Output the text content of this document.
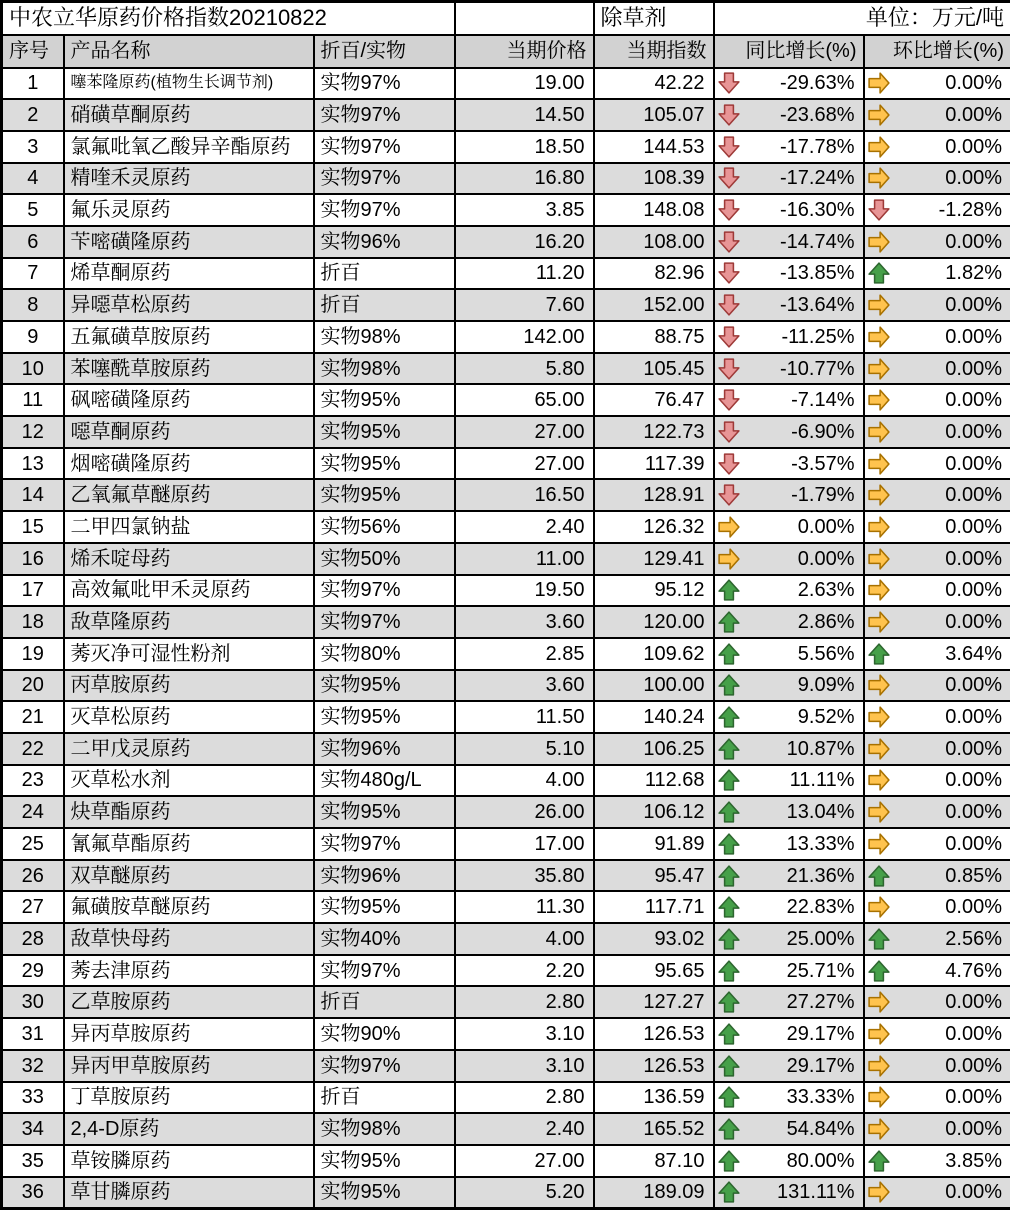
中农立华原药价格指数20210822				除草剂	单位：万元/吨	
序号	产品名称	折百/实物	当期价格	当期指数	同比增长(%)	环比增长(%)
1	噻苯隆原药(植物生长调节剂)	实物97%	19.00	42.22	-29.63%	0.00%

2	硝磺草酮原药	实物97%	14.50	105.07	-23.68%	0.00%

3	氯氟吡氧乙酸异辛酯原药	实物97%	18.50	144.53	-17.78%	0.00%

4	精喹禾灵原药	实物97%	16.80	108.39	-17.24%	0.00%

5	氟乐灵原药	实物97%	3.85	148.08	-16.30%	-1.28%

6	苄嘧磺隆原药	实物96%	16.20	108.00	-14.74%	0.00%

7	烯草酮原药	折百	11.20	82.96	-13.85%	1.82%

8	异噁草松原药	折百	7.60	152.00	-13.64%	0.00%

9	五氟磺草胺原药	实物98%	142.00	88.75	-11.25%	0.00%

10	苯噻酰草胺原药	实物98%	5.80	105.45	-10.77%	0.00%

11	砜嘧磺隆原药	实物95%	65.00	76.47	-7.14%	0.00%

12	噁草酮原药	实物95%	27.00	122.73	-6.90%	0.00%

13	烟嘧磺隆原药	实物95%	27.00	117.39	-3.57%	0.00%

14	乙氧氟草醚原药	实物95%	16.50	128.91	-1.79%	0.00%

15	二甲四氯钠盐	实物56%	2.40	126.32	0.00%	0.00%

16	烯禾啶母药	实物50%	11.00	129.41	0.00%	0.00%

17	高效氟吡甲禾灵原药	实物97%	19.50	95.12	2.63%	0.00%

18	敌草隆原药	实物97%	3.60	120.00	2.86%	0.00%

19	莠灭净可湿性粉剂	实物80%	2.85	109.62	5.56%	3.64%

20	丙草胺原药	实物95%	3.60	100.00	9.09%	0.00%

21	灭草松原药	实物95%	11.50	140.24	9.52%	0.00%

22	二甲戊灵原药	实物96%	5.10	106.25	10.87%	0.00%

23	灭草松水剂	实物480g/L	4.00	112.68	11.11%	0.00%

24	炔草酯原药	实物95%	26.00	106.12	13.04%	0.00%

25	氰氟草酯原药	实物97%	17.00	91.89	13.33%	0.00%

26	双草醚原药	实物96%	35.80	95.47	21.36%	0.85%

27	氟磺胺草醚原药	实物95%	11.30	117.71	22.83%	0.00%

28	敌草快母药	实物40%	4.00	93.02	25.00%	2.56%

29	莠去津原药	实物97%	2.20	95.65	25.71%	4.76%

30	乙草胺原药	折百	2.80	127.27	27.27%	0.00%

31	异丙草胺原药	实物90%	3.10	126.53	29.17%	0.00%

32	异丙甲草胺原药	实物97%	3.10	126.53	29.17%	0.00%

33	丁草胺原药	折百	2.80	136.59	33.33%	0.00%

34	2,4-D原药	实物98%	2.40	165.52	54.84%	0.00%

35	草铵膦原药	实物95%	27.00	87.10	80.00%	3.85%

36	草甘膦原药	实物95%	5.20	189.09	131.11%	0.00%
